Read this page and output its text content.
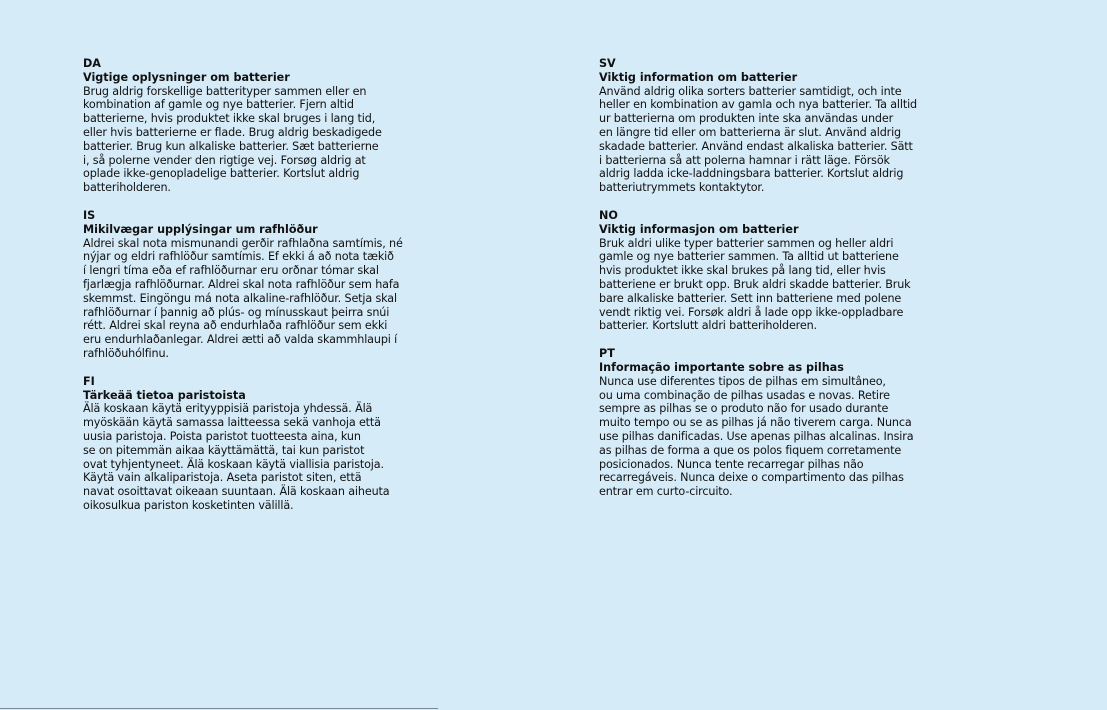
DA
Vigtige oplysninger om batterier
Brug aldrig forskellige batterityper sammen eller en
kombination af gamle og nye batterier. Fjern altid
batterierne, hvis produktet ikke skal bruges i lang tid,
eller hvis batterierne er flade. Brug aldrig beskadigede
batterier. Brug kun alkaliske batterier. Sæt batterierne
i, så polerne vender den rigtige vej. Forsøg aldrig at
oplade ikke-genopladelige batterier. Kortslut aldrig
batteriholderen.
IS
Mikilvægar upplýsingar um rafhlöður
Aldrei skal nota mismunandi gerðir rafhlaðna samtímis, né
nýjar og eldri rafhlöður samtímis. Ef ekki á að nota tækið
í lengri tíma eða ef rafhlöðurnar eru orðnar tómar skal
fjarlægja rafhlöðurnar. Aldrei skal nota rafhlöður sem hafa
skemmst. Eingöngu má nota alkaline-rafhlöður. Setja skal
rafhlöðurnar í þannig að plús- og mínusskaut þeirra snúi
rétt. Aldrei skal reyna að endurhlaða rafhlöður sem ekki
eru endurhlaðanlegar. Aldrei ætti að valda skammhlaupi í
rafhlöðuhólfinu.
FI
Tärkeää tietoa paristoista
Älä koskaan käytä erityyppisiä paristoja yhdessä. Älä
myöskään käytä samassa laitteessa sekä vanhoja että
uusia paristoja. Poista paristot tuotteesta aina, kun
se on pitemmän aikaa käyttämättä, tai kun paristot
ovat tyhjentyneet. Älä koskaan käytä viallisia paristoja.
Käytä vain alkaliparistoja. Aseta paristot siten, että
navat osoittavat oikeaan suuntaan. Älä koskaan aiheuta
oikosulkua pariston kosketinten välillä.
SV
Viktig information om batterier
Använd aldrig olika sorters batterier samtidigt, och inte
heller en kombination av gamla och nya batterier. Ta alltid
ur batterierna om produkten inte ska användas under
en längre tid eller om batterierna är slut. Använd aldrig
skadade batterier. Använd endast alkaliska batterier. Sätt
i batterierna så att polerna hamnar i rätt läge. Försök
aldrig ladda icke-laddningsbara batterier. Kortslut aldrig
batteriutrymmets kontaktytor.
NO
Viktig informasjon om batterier
Bruk aldri ulike typer batterier sammen og heller aldri
gamle og nye batterier sammen. Ta alltid ut batteriene
hvis produktet ikke skal brukes på lang tid, eller hvis
batteriene er brukt opp. Bruk aldri skadde batterier. Bruk
bare alkaliske batterier. Sett inn batteriene med polene
vendt riktig vei. Forsøk aldri å lade opp ikke-oppladbare
batterier. Kortslutt aldri batteriholderen.
PT
Informação importante sobre as pilhas
Nunca use diferentes tipos de pilhas em simultâneo,
ou uma combinação de pilhas usadas e novas. Retire
sempre as pilhas se o produto não for usado durante
muito tempo ou se as pilhas já não tiverem carga. Nunca
use pilhas danificadas. Use apenas pilhas alcalinas. Insira
as pilhas de forma a que os polos fiquem corretamente
posicionados. Nunca tente recarregar pilhas não
recarregáveis. Nunca deixe o compartimento das pilhas
entrar em curto-circuito.
